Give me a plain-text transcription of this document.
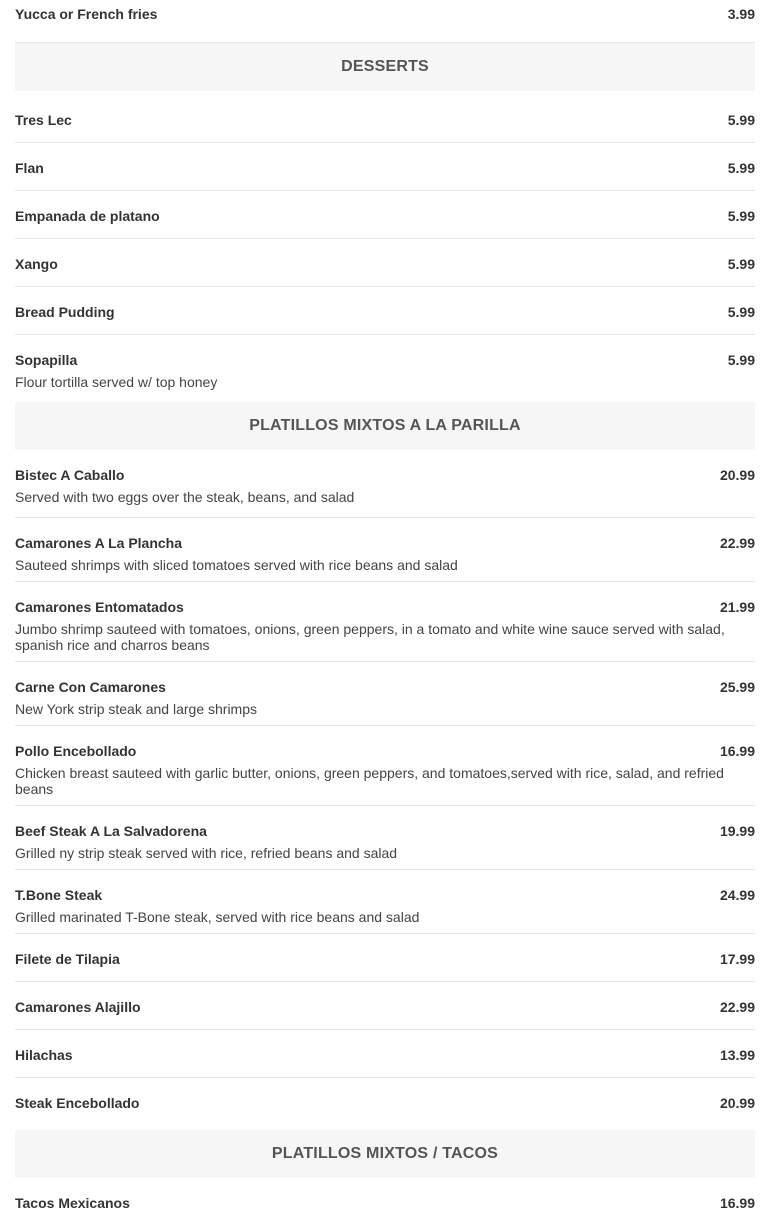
Yucca or French fries	3.99
DESSERTS
Tres Lec	5.99
Flan	5.99
Empanada de platano	5.99
Xango	5.99
Bread Pudding	5.99
Sopapilla	5.99
Flour tortilla served w/ top honey
PLATILLOS MIXTOS A LA PARILLA
Bistec A Caballo	20.99
Served with two eggs over the steak, beans, and salad
Camarones A La Plancha	22.99
Sauteed shrimps with sliced tomatoes served with rice beans and salad
Camarones Entomatados	21.99
Jumbo shrimp sauteed with tomatoes, onions, green peppers, in a tomato and white wine sauce served with salad, spanish rice and charros beans
Carne Con Camarones	25.99
New York strip steak and large shrimps
Pollo Encebollado	16.99
Chicken breast sauteed with garlic butter, onions, green peppers, and tomatoes,served with rice, salad, and refried beans
Beef Steak A La Salvadorena	19.99
Grilled ny strip steak served with rice, refried beans and salad
T.Bone Steak	24.99
Grilled marinated T-Bone steak, served with rice beans and salad
Filete de Tilapia	17.99
Camarones Alajillo	22.99
Hilachas	13.99
Steak Encebollado	20.99
PLATILLOS MIXTOS / TACOS
Tacos Mexicanos	16.99
